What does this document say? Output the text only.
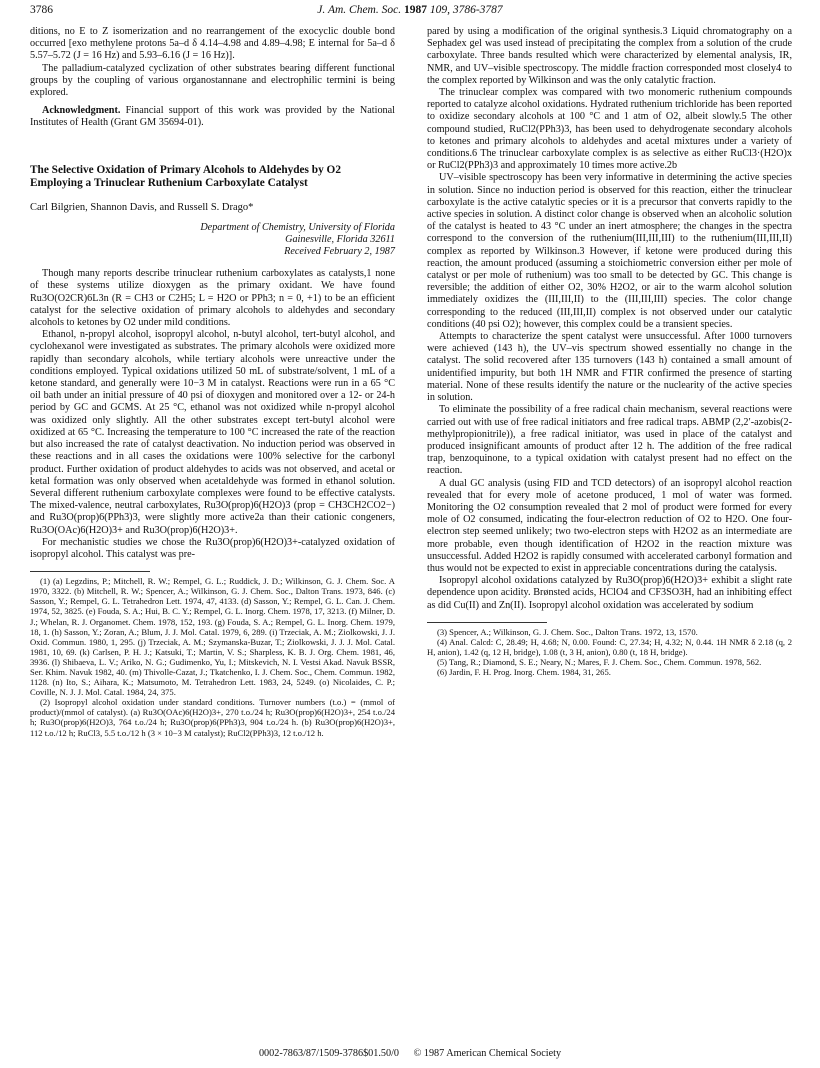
3786	J. Am. Chem. Soc. 1987 109, 3786-3787

ditions, no E to Z isomerization and no rearrangement of the exocyclic double bond occurred [exo methylene protons 5a–d δ 4.14–4.98 and 4.89–4.98; E internal for 5a–d δ 5.57–5.72 (J = 16 Hz) and 5.93–6.16 (J = 16 Hz)].

The palladium-catalyzed cyclization of other substrates bearing different functional groups by the coupling of various organostannane and electrophilic termini is being explored.

Acknowledgment. Financial support of this work was provided by the National Institutes of Health (Grant GM 35694-01).

The Selective Oxidation of Primary Alcohols to Aldehydes by O2 Employing a Trinuclear Ruthenium Carboxylate Catalyst

Carl Bilgrien, Shannon Davis, and Russell S. Drago*

Department of Chemistry, University of Florida

Gainesville, Florida 32611

Received February 2, 1987

Though many reports describe trinuclear ruthenium carboxylates as catalysts,1 none of these systems utilize dioxygen as the primary oxidant. We have found Ru3O(O2CR)6L3n (R = CH3 or C2H5; L = H2O or PPh3; n = 0, +1) to be an efficient catalyst for the selective oxidation of primary alcohols to aldehydes and secondary alcohols to ketones by O2 under mild conditions.

Ethanol, n-propyl alcohol, isopropyl alcohol, n-butyl alcohol, tert-butyl alcohol, and cyclohexanol were investigated as substrates. The primary alcohols were oxidized more rapidly than secondary alcohols, while tertiary alcohols were unreactive under the conditions employed. Typical oxidations utilized 50 mL of substrate/solvent, 1 mL of a ketone standard, and generally were 10−3 M in catalyst. Reactions were run in a 65 °C oil bath under an initial pressure of 40 psi of dioxygen and monitored over a 12- or 24-h period by GC and GCMS. At 25 °C, ethanol was not oxidized while n-propyl alcohol was oxidized only slightly. All the other substrates except tert-butyl alcohol were oxidized at 65 °C. Increasing the temperature to 100 °C increased the rate of the reaction but also increased the rate of catalyst deactivation. No induction period was observed in these reactions and in all cases the oxidations were 100% selective for the carbonyl product. Further oxidation of product aldehydes to acids was not observed, and acetal or ketal formation was only observed when acetaldehyde was formed in ethanol solution. Several different ruthenium carboxylate complexes were found to be effective catalysts. The mixed-valence, neutral carboxylates, Ru3O(prop)6(H2O)3 (prop = CH3CH2CO2−) and Ru3O(prop)6(PPh3)3, were slightly more active2a than their cationic congeners, Ru3O(OAc)6(H2O)3+ and Ru3O(prop)6(H2O)3+.

For mechanistic studies we chose the Ru3O(prop)6(H2O)3+-catalyzed oxidation of isopropyl alcohol. This catalyst was pre-

(1) (a) Legzdins, P.; Mitchell, R. W.; Rempel, G. L.; Ruddick, J. D.; Wilkinson, G. J. Chem. Soc. A 1970, 3322. (b) Mitchell, R. W.; Spencer, A.; Wilkinson, G. J. Chem. Soc., Dalton Trans. 1973, 846. (c) Sasson, Y.; Rempel, G. L. Tetrahedron Lett. 1974, 47, 4133. (d) Sasson, Y.; Rempel, G. L. Can. J. Chem. 1974, 52, 3825. (e) Fouda, S. A.; Hui, B. C. Y.; Rempel, G. L. Inorg. Chem. 1978, 17, 3213. (f) Milner, D. J.; Whelan, R. J. Organomet. Chem. 1978, 152, 193. (g) Fouda, S. A.; Rempel, G. L. Inorg. Chem. 1979, 18, 1. (h) Sasson, Y.; Zoran, A.; Blum, J. J. Mol. Catal. 1979, 6, 289. (i) Trzeciak, A. M.; Ziolkowski, J. J. Oxid. Commun. 1980, 1, 295. (j) Trzeciak, A. M.; Szymanska-Buzar, T.; Ziolkowski, J. J. J. Mol. Catal. 1981, 10, 69. (k) Carlsen, P. H. J.; Katsuki, T.; Martin, V. S.; Sharpless, K. B. J. Org. Chem. 1981, 46, 3936. (l) Shibaeva, L. V.; Ariko, N. G.; Gudimenko, Yu, I.; Mitskevich, N. I. Vestsi Akad. Navuk BSSR, Ser. Khim. Navuk 1982, 40. (m) Thivolle-Cazat, J.; Tkatchenko, I. J. Chem. Soc., Chem. Commun. 1982, 1128. (n) Ito, S.; Aihara, K.; Matsumoto, M. Tetrahedron Lett. 1983, 24, 5249. (o) Nicolaides, C. P.; Coville, N. J. J. Mol. Catal. 1984, 24, 375.

(2) Isopropyl alcohol oxidation under standard conditions. Turnover numbers (t.o.) = (mmol of product)/(mmol of catalyst). (a) Ru3O(OAc)6(H2O)3+, 270 t.o./24 h; Ru3O(prop)6(H2O)3+, 254 t.o./24 h; Ru3O(prop)6(H2O)3, 764 t.o./24 h; Ru3O(prop)6(PPh3)3, 904 t.o./24 h. (b) Ru3O(prop)6(H2O)3+, 112 t.o./12 h; RuCl3, 5.5 t.o./12 h (3 × 10−3 M catalyst); RuCl2(PPh3)3, 12 t.o./12 h.

pared by using a modification of the original synthesis.3 Liquid chromatography on a Sephadex gel was used instead of precipitating the complex from a solution of the crude carboxylate. Three bands resulted which were characterized by elemental analysis, IR, NMR, and UV–visible spectroscopy. The middle fraction corresponded most closely4 to the complex reported by Wilkinson and was the only catalytic fraction.

The trinuclear complex was compared with two monomeric ruthenium compounds reported to catalyze alcohol oxidations. Hydrated ruthenium trichloride has been reported to oxidize secondary alcohols at 100 °C and 1 atm of O2, albeit slowly.5 The other compound studied, RuCl2(PPh3)3, has been used to dehydrogenate secondary alcohols to ketones and primary alcohols to aldehydes and acetal mixtures under a variety of conditions.6 The trinuclear carboxylate complex is as selective as either RuCl3·(H2O)x or RuCl2(PPh3)3 and approximately 10 times more active.2b

UV–visible spectroscopy has been very informative in determining the active species in solution. Since no induction period is observed for this reaction, either the trinuclear carboxylate is the active catalytic species or it is a precursor that converts rapidly to the active species in solution. A distinct color change is observed when an alcoholic solution of the catalyst is heated to 43 °C under an inert atmosphere; the changes in the spectra correspond to the conversion of the ruthenium(III,III,III) to the ruthenium(III,III,II) complex as reported by Wilkinson.3 However, if ketone were produced during this reaction, the amount produced (assuming a stoichiometric conversion either per mole of catalyst or per mole of ruthenium) was too small to be detected by GC. This change is reversible; the addition of either O2, 30% H2O2, or air to the warm alcohol solution immediately oxidizes the (III,III,II) to the (III,III,III) species. The color change corresponding to the reduced (III,III,II) complex is not observed under our catalytic conditions (40 psi O2); however, this complex could be a transient species.

Attempts to characterize the spent catalyst were unsuccessful. After 1000 turnovers were achieved (143 h), the UV–vis spectrum showed essentially no change in the catalyst. The solid recovered after 135 turnovers (143 h) contained a small amount of unidentified impurity, but both 1H NMR and FTIR confirmed the presence of starting material. None of these results identify the nature or the nuclearity of the active species in solution.

To eliminate the possibility of a free radical chain mechanism, several reactions were carried out with use of free radical initiators and free radical traps. ABMP (2,2′-azobis(2-methylpropionitrile)), a free radical initiator, was used in place of the catalyst and produced insignificant amounts of product after 12 h. The addition of the free radical trap, benzoquinone, to a typical oxidation with catalyst present had no effect on the reaction.

A dual GC analysis (using FID and TCD detectors) of an isopropyl alcohol reaction revealed that for every mole of acetone produced, 1 mol of water was formed. Monitoring the O2 consumption revealed that 2 mol of product were formed for every mole of O2 consumed, indicating the four-electron reduction of O2 to H2O. One four-electron step seemed unlikely; two two-electron steps with H2O2 as an intermediate are more probable, even though identification of H2O2 in the reaction mixture was unsuccessful. Added H2O2 is rapidly consumed with accelerated carbonyl formation and thus would not be expected to exist in appreciable concentrations during the catalysis.

Isopropyl alcohol oxidations catalyzed by Ru3O(prop)6(H2O)3+ exhibit a slight rate dependence upon acidity. Brønsted acids, HClO4 and CF3SO3H, had an inhibiting effect as did Cu(II) and Zn(II). Isopropyl alcohol oxidation was accelerated by sodium

(3) Spencer, A.; Wilkinson, G. J. Chem. Soc., Dalton Trans. 1972, 13, 1570.

(4) Anal. Calcd: C, 28.49; H, 4.68; N, 0.00. Found: C, 27.34; H, 4.32; N, 0.44. 1H NMR δ 2.18 (q, 2 H, anion), 1.42 (q, 12 H, bridge), 1.08 (t, 3 H, anion), 0.80 (t, 18 H, bridge).

(5) Tang, R.; Diamond, S. E.; Neary, N.; Mares, F. J. Chem. Soc., Chem. Commun. 1978, 562.

(6) Jardin, F. H. Prog. Inorg. Chem. 1984, 31, 265.

0002-7863/87/1509-3786$01.50/0 © 1987 American Chemical Society
